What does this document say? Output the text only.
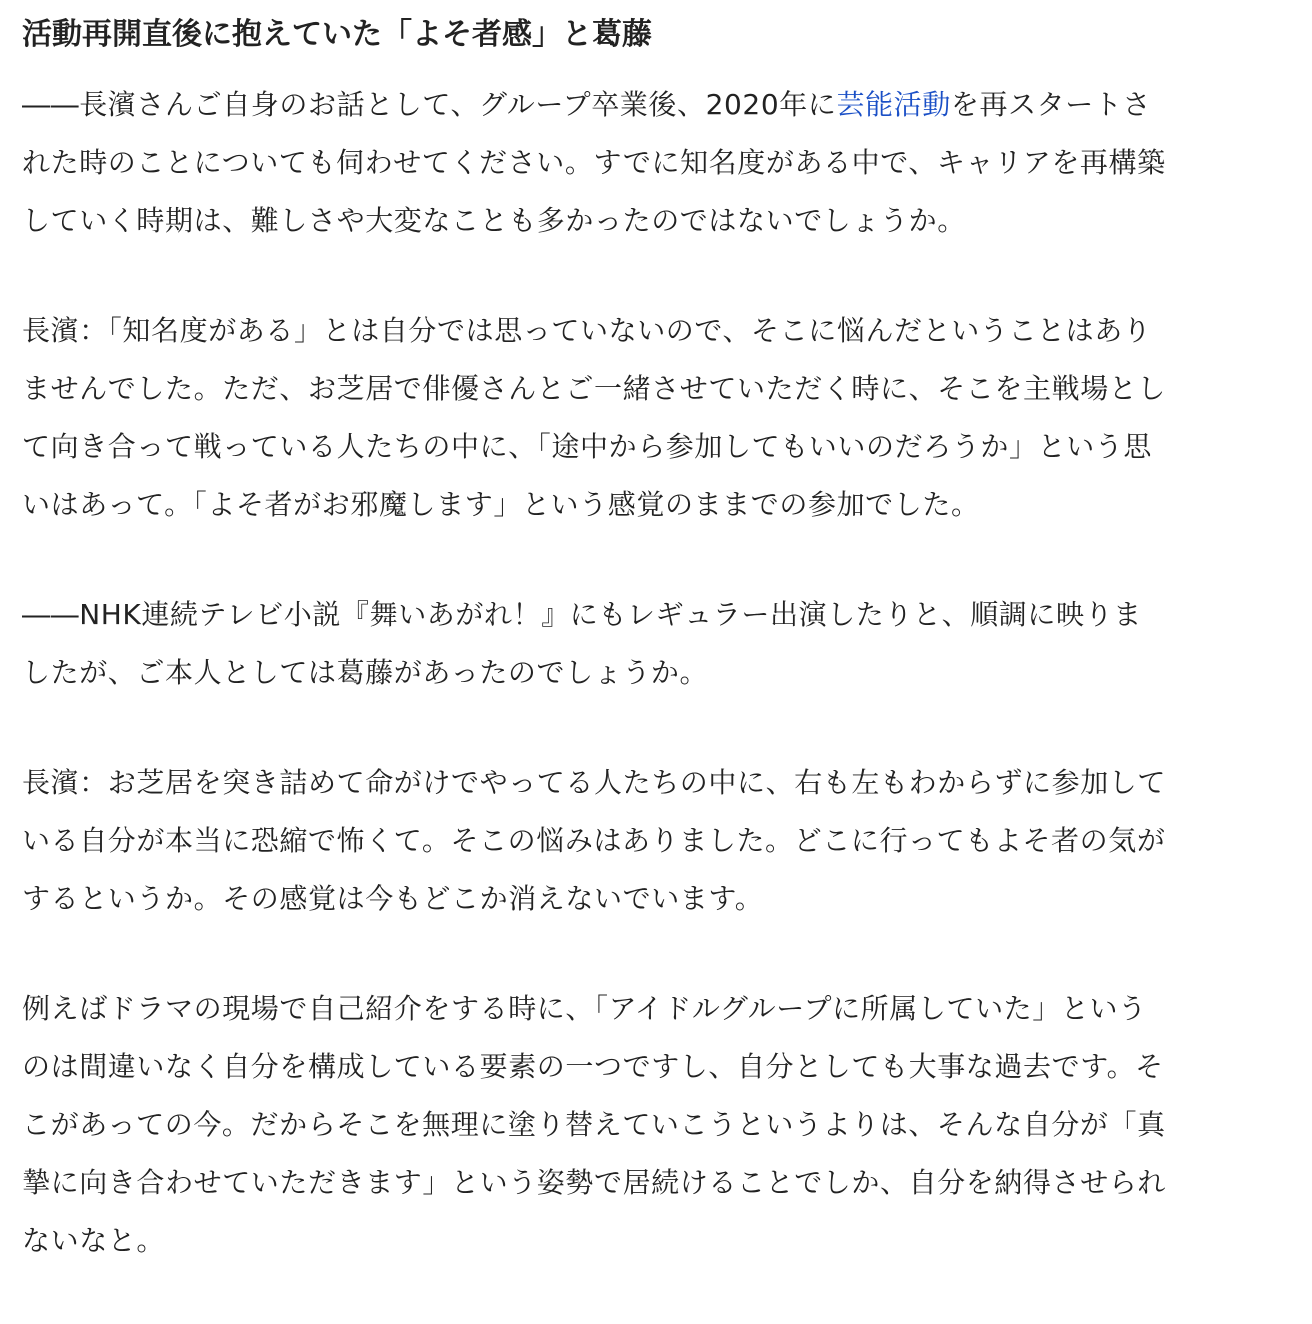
活動再開直後に抱えていた「よそ者感」と葛藤

――長濱さんご自身のお話として、グループ卒業後、2020年に芸能活動を再スタートさ
れた時のことについても伺わせてください。すでに知名度がある中で、キャリアを再構築
していく時期は、難しさや大変なことも多かったのではないでしょうか。

長濱：「知名度がある」とは自分では思っていないので、そこに悩んだということはあり
ませんでした。ただ、お芝居で俳優さんとご一緒させていただく時に、そこを主戦場とし
て向き合って戦っている人たちの中に、「途中から参加してもいいのだろうか」という思
いはあって。「よそ者がお邪魔します」という感覚のままでの参加でした。

――NHK連続テレビ小説『舞いあがれ！』にもレギュラー出演したりと、順調に映りま
したが、ご本人としては葛藤があったのでしょうか。

長濱：お芝居を突き詰めて命がけでやってる人たちの中に、右も左もわからずに参加して
いる自分が本当に恐縮で怖くて。そこの悩みはありました。どこに行ってもよそ者の気が
するというか。その感覚は今もどこか消えないでいます。

例えばドラマの現場で自己紹介をする時に、「アイドルグループに所属していた」という
のは間違いなく自分を構成している要素の一つですし、自分としても大事な過去です。そ
こがあっての今。だからそこを無理に塗り替えていこうというよりは、そんな自分が「真
摯に向き合わせていただきます」という姿勢で居続けることでしか、自分を納得させられ
ないなと。
